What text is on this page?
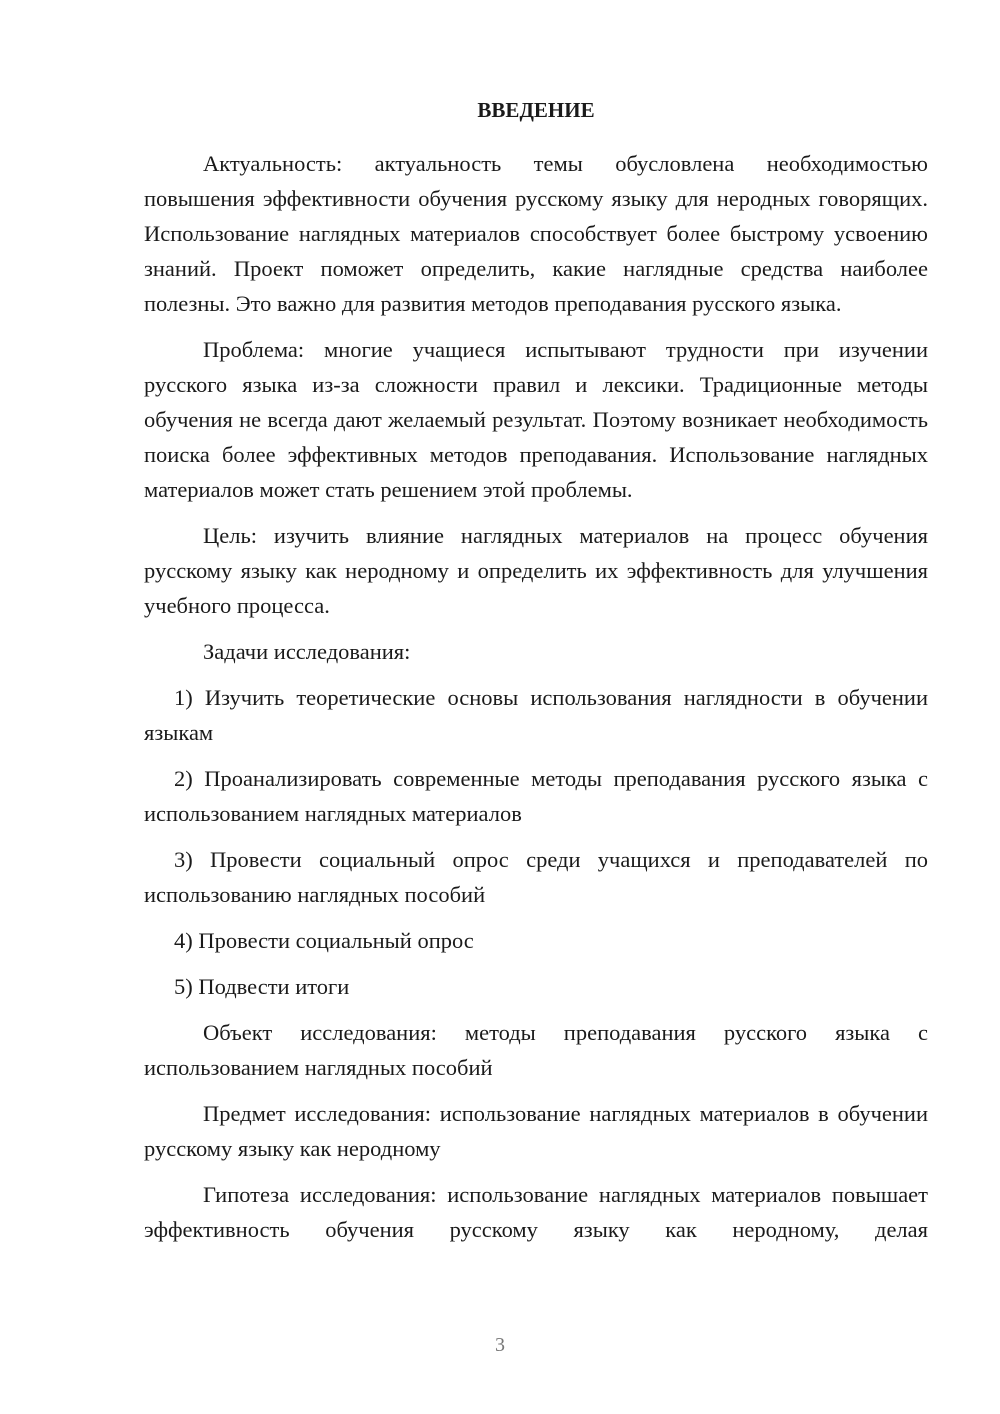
ВВЕДЕНИЕ

Актуальность: актуальность темы обусловлена необходимостью повышения эффективности обучения русскому языку для неродных говорящих. Использование наглядных материалов способствует более быстрому усвоению знаний. Проект поможет определить, какие наглядные средства наиболее полезны. Это важно для развития методов преподавания русского языка.

Проблема: многие учащиеся испытывают трудности при изучении русского языка из-за сложности правил и лексики. Традиционные методы обучения не всегда дают желаемый результат. Поэтому возникает необходимость поиска более эффективных методов преподавания. Использование наглядных материалов может стать решением этой проблемы.

Цель: изучить влияние наглядных материалов на процесс обучения русскому языку как неродному и определить их эффективность для улучшения учебного процесса.

Задачи исследования:

1) Изучить теоретические основы использования наглядности в обучении языкам

2) Проанализировать современные методы преподавания русского языка с использованием наглядных материалов

3) Провести социальный опрос среди учащихся и преподавателей по использованию наглядных пособий

4) Провести социальный опрос

5) Подвести итоги

Объект исследования: методы преподавания русского языка с использованием наглядных пособий

Предмет исследования: использование наглядных материалов в обучении русскому языку как неродному

Гипотеза исследования: использование наглядных материалов повышает эффективность обучения русскому языку как неродному, делая

3
